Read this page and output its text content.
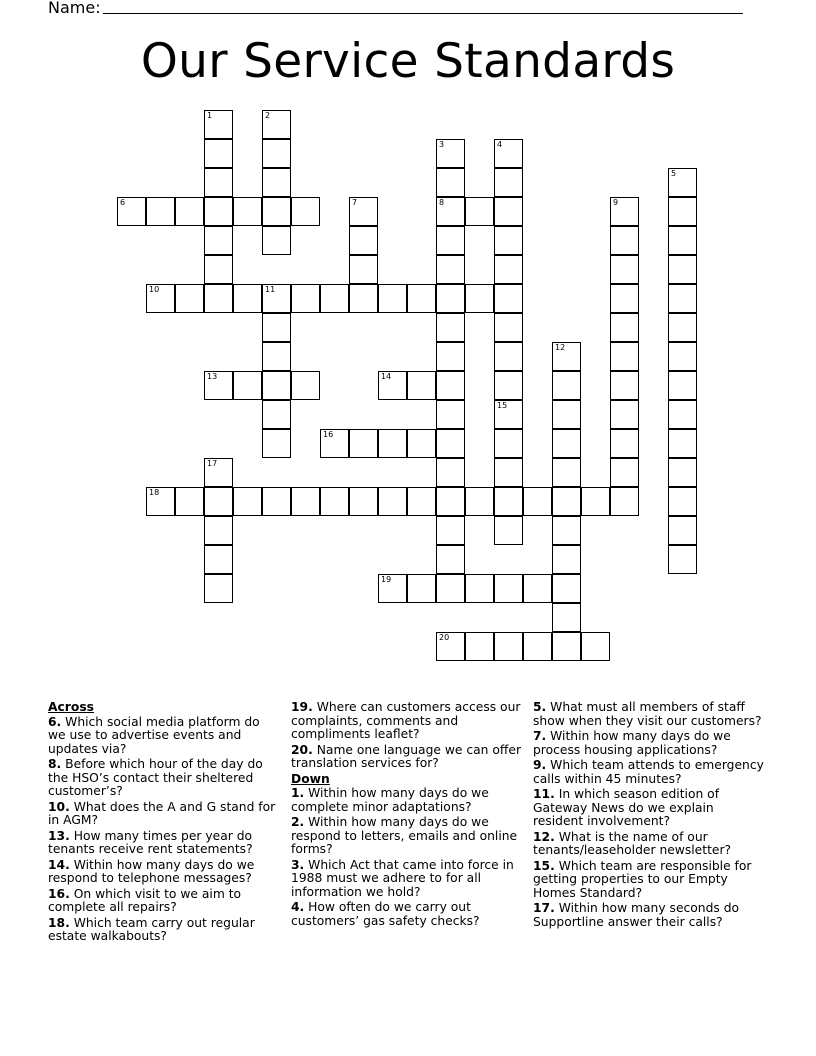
Name:
Our Service Standards
1	2
3
8
4
5
6	7	9
10	11
12
13	14
15
16
17
18
19
20
Across
6. Which social media platform do we use to advertise events and updates via?
8. Before which hour of the day do the HSO’s contact their sheltered customer’s?
10. What does the A and G stand for in AGM?
13. How many times per year do tenants receive rent statements?
14. Within how many days do we respond to telephone messages?
16. On which visit to we aim to complete all repairs?
18. Which team carry out regular estate walkabouts?
19. Where can customers access our complaints, comments and compliments leaflet?
20. Name one language we can offer translation services for?
Down
1. Within how many days do we complete minor adaptations?
2. Within how many days do we respond to letters, emails and online forms?
3. Which Act that came into force in 1988 must we adhere to for all information we hold?
4. How often do we carry out customers’ gas safety checks?
5. What must all members of staff show when they visit our customers?
7. Within how many days do we process housing applications?
9. Which team attends to emergency calls within 45 minutes?
11. In which season edition of Gateway News do we explain resident involvement?
12. What is the name of our tenants/leaseholder newsletter?
15. Which team are responsible for getting properties to our Empty Homes Standard?
17. Within how many seconds do Supportline answer their calls?
